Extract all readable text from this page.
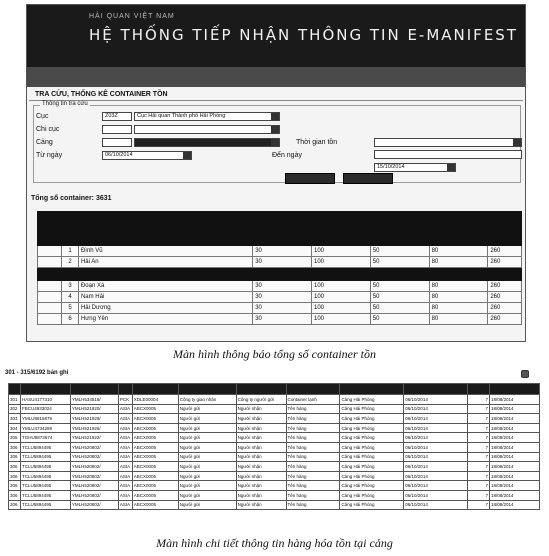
HẢI QUAN VIỆT NAM
HỆ THỐNG TIẾP NHẬN THÔNG TIN E-MANIFEST
TRA CỨU, THỐNG KÊ CONTAINER TỒN
Thông tin tra cứu
Cục	Z03Z	Cục Hải quan Thành phố Hải Phòng
Chi cục
Cảng	Thời gian tồn
Từ ngày	06/10/2014	Đến ngày
15/10/2014
Tổng số container: 3631

	1	Đình Vũ	30	100	50	80	260
	2	Hải An	30	100	50	80	260

	3	Đoạn Xá	30	100	50	80	260
	4	Nam Hải	30	100	50	80	260
	5	Hải Dương	30	100	50	80	260
	6	Hưng Yên	30	100	50	80	260
Màn hình thông báo tổng số container tồn
301 - 315/6192 bản ghi

301	HASU4177310	YMLH534518/	PCK	XDLE00004	Công ty giao nhận	Công ty người gửi	Container lạnh	Cảng Hải Phòng	06/10/2014	7	18/08/2014
302	FBCU4933024	YMLH521920/	ASIA	ABCX0005	Người gửi	Người nhận	Tên hàng	Cảng Hải Phòng	06/10/2014	7	18/08/2014
303	YMLU8815879	YMLH521929/	ASIA	ABCX0005	Người gửi	Người nhận	Tên hàng	Cảng Hải Phòng	06/10/2014	7	18/08/2014
304	YMLU4734289	YMLH521926/	ASIA	ABCX0005	Người gửi	Người nhận	Tên hàng	Cảng Hải Phòng	06/10/2014	7	18/08/2014
305	TGHU8873674	YMLH521922/	ASIA	ABCX0005	Người gửi	Người nhận	Tên hàng	Cảng Hải Phòng	06/10/2014	7	18/08/2014
306	TCLU5894495	YMLH520802/	ASIA	ABCX0005	Người gửi	Người nhận	Tên hàng	Cảng Hải Phòng	06/10/2014	7	18/08/2014
306	TCLU5894495	YMLH520802/	ASIA	ABCX0005	Người gửi	Người nhận	Tên hàng	Cảng Hải Phòng	06/10/2014	7	18/08/2014
306	TCLU5894495	YMLH520802/	ASIA	ABCX0005	Người gửi	Người nhận	Tên hàng	Cảng Hải Phòng	06/10/2014	7	18/08/2014
306	TCLU5894495	YMLH520802/	ASIA	ABCX0005	Người gửi	Người nhận	Tên hàng	Cảng Hải Phòng	06/10/2014	7	18/08/2014
306	TCLU5894495	YMLH520802/	ASIA	ABCX0005	Người gửi	Người nhận	Tên hàng	Cảng Hải Phòng	06/10/2014	7	18/08/2014
306	TCLU5894495	YMLH520802/	ASIA	ABCX0005	Người gửi	Người nhận	Tên hàng	Cảng Hải Phòng	06/10/2014	7	18/08/2014
306	TCLU5894495	YMLH520802/	ASIA	ABCX0005	Người gửi	Người nhận	Tên hàng	Cảng Hải Phòng	06/10/2014	7	18/08/2014
Màn hình chi tiết thông tin hàng hóa tồn tại cảng
